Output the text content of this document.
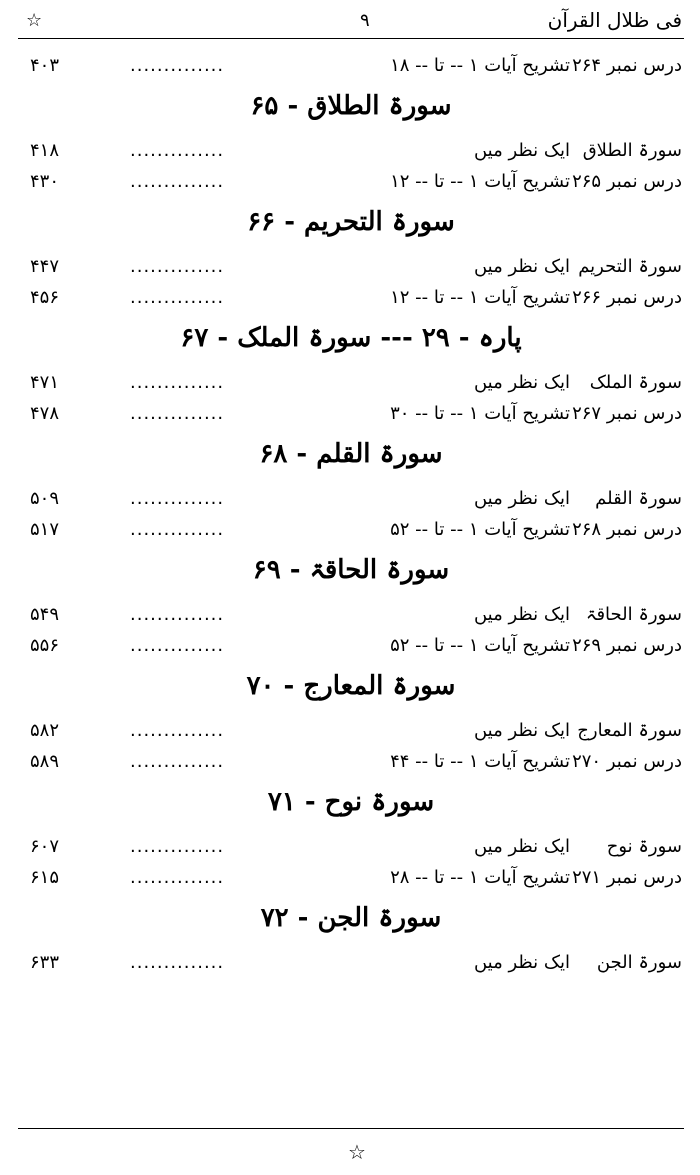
فی ظلال القرآن
۹
☆
درس نمبر ۲۶۴
تشریح آیات ۱ -- تا -- ۱۸
..............
۴۰۳
سورۃ الطلاق - ۶۵
سورۃ الطلاق
ایک نظر میں
..............
۴۱۸
درس نمبر ۲۶۵
تشریح آیات ۱ -- تا -- ۱۲
..............
۴۳۰
سورۃ التحریم - ۶۶
سورۃ التحریم
ایک نظر میں
..............
۴۴۷
درس نمبر ۲۶۶
تشریح آیات ۱ -- تا -- ۱۲
..............
۴۵۶
پارہ - ۲۹ --- سورۃ الملک - ۶۷
سورۃ الملک
ایک نظر میں
..............
۴۷۱
درس نمبر ۲۶۷
تشریح آیات ۱ -- تا -- ۳۰
..............
۴۷۸
سورۃ القلم - ۶۸
سورۃ القلم
ایک نظر میں
..............
۵۰۹
درس نمبر ۲۶۸
تشریح آیات ۱ -- تا -- ۵۲
..............
۵۱۷
سورۃ الحاقۃ - ۶۹
سورۃ الحاقۃ
ایک نظر میں
..............
۵۴۹
درس نمبر ۲۶۹
تشریح آیات ۱ -- تا -- ۵۲
..............
۵۵۶
سورۃ المعارج - ۷۰
سورۃ المعارج
ایک نظر میں
..............
۵۸۲
درس نمبر ۲۷۰
تشریح آیات ۱ -- تا -- ۴۴
..............
۵۸۹
سورۃ نوح - ۷۱
سورۃ نوح
ایک نظر میں
..............
۶۰۷
درس نمبر ۲۷۱
تشریح آیات ۱ -- تا -- ۲۸
..............
۶۱۵
سورۃ الجن - ۷۲
سورۃ الجن
ایک نظر میں
..............
۶۳۳
☆
